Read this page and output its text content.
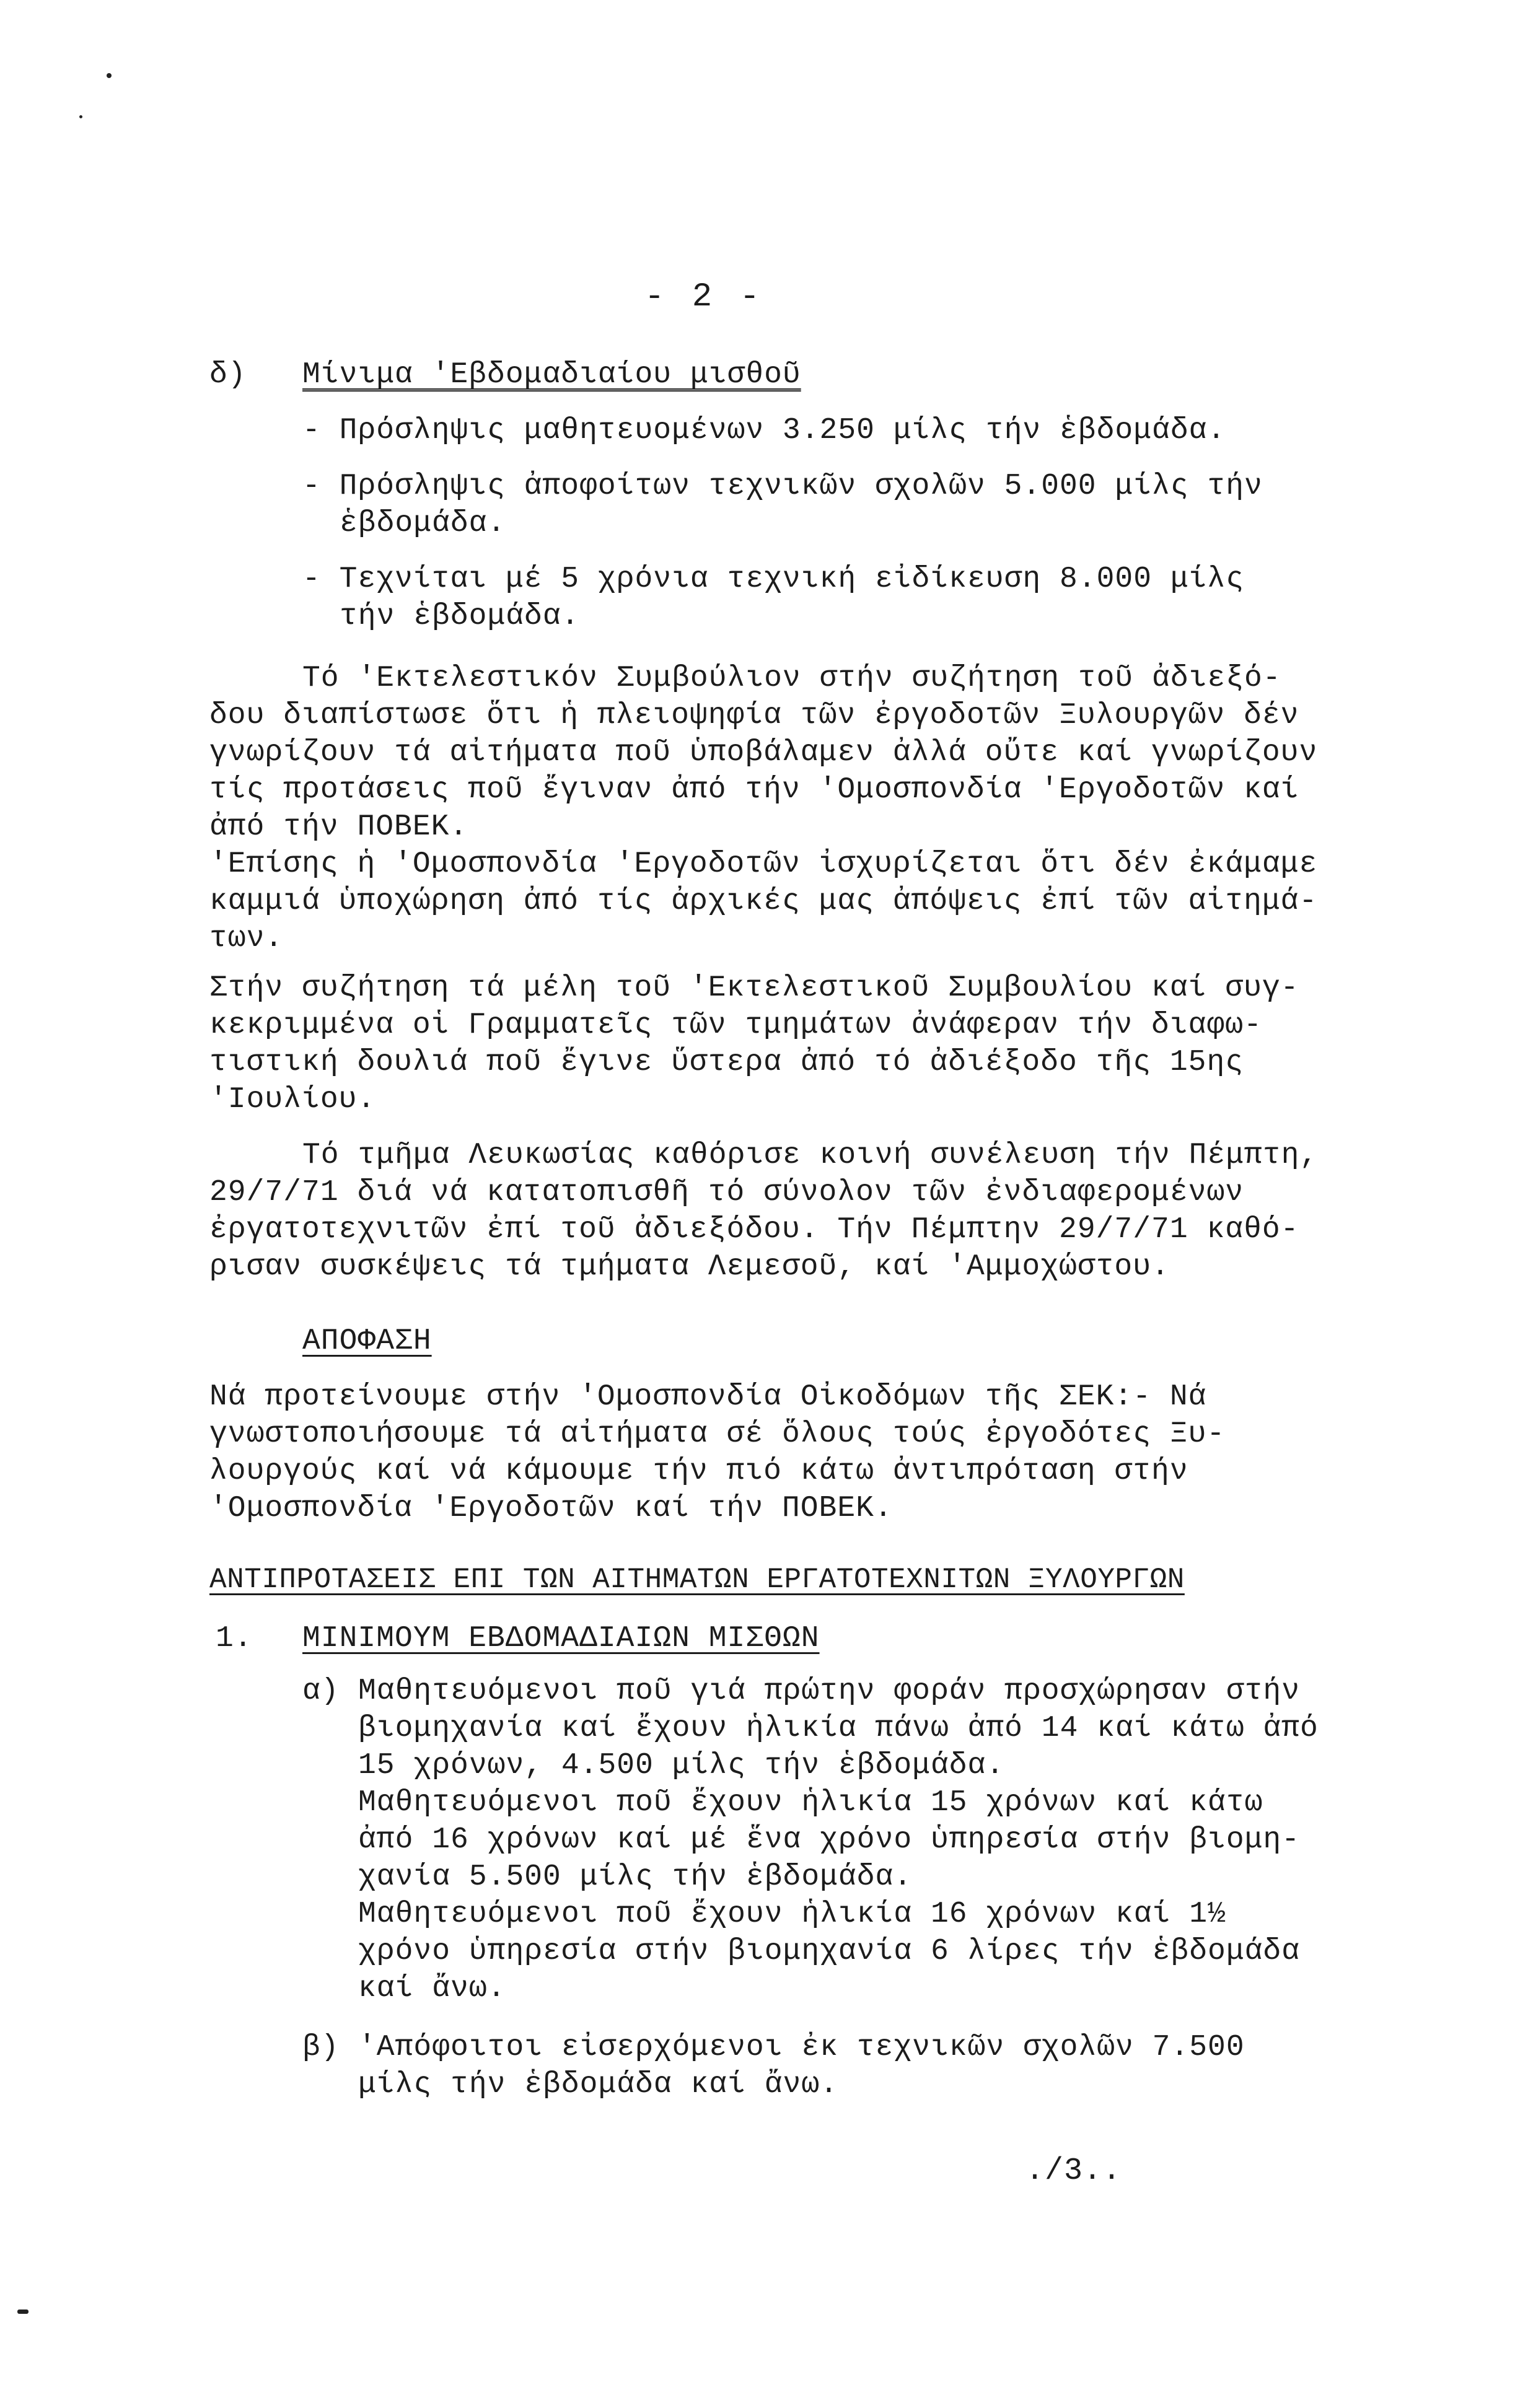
- 2 -
δ) Μίνιμα 'Εβδομαδιαίου μισθοῦ
- Πρόσληψις μαθητευομένων 3.250 μίλς τήν ἑβδομάδα.
- Πρόσληψις ἀποφοίτων τεχνικῶν σχολῶν 5.000 μίλς τήν
ἑβδομάδα.
- Τεχνίται μέ 5 χρόνια τεχνική εἰδίκευση 8.000 μίλς
τήν ἑβδομάδα.
Τό 'Εκτελεστικόν Συμβούλιον στήν συζήτηση τοῦ ἀδιεξό-
δου διαπίστωσε ὅτι ἡ πλειοψηφία τῶν ἐργοδοτῶν Ξυλουργῶν δέν
γνωρίζουν τά αἰτήματα ποῦ ὑποβάλαμεν ἀλλά οὔτε καί γνωρίζουν
τίς προτάσεις ποῦ ἔγιναν ἀπό τήν 'Ομοσπονδία 'Εργοδοτῶν καί
ἀπό τήν ΠΟΒΕΚ.
'Επίσης ἡ 'Ομοσπονδία 'Εργοδοτῶν ἰσχυρίζεται ὅτι δέν ἐκάμαμε
καμμιά ὑποχώρηση ἀπό τίς ἀρχικές μας ἀπόψεις ἐπί τῶν αἰτημά-
των.
Στήν συζήτηση τά μέλη τοῦ 'Εκτελεστικοῦ Συμβουλίου καί συγ-
κεκριμμένα οἱ Γραμματεῖς τῶν τμημάτων ἀνάφεραν τήν διαφω-
τιστική δουλιά ποῦ ἔγινε ὕστερα ἀπό τό ἀδιέξοδο τῆς 15ης
'Ιουλίου.
Τό τμῆμα Λευκωσίας καθόρισε κοινή συνέλευση τήν Πέμπτη,
29/7/71 διά νά κατατοπισθῆ τό σύνολον τῶν ἐνδιαφερομένων
ἐργατοτεχνιτῶν ἐπί τοῦ ἀδιεξόδου. Τήν Πέμπτην 29/7/71 καθό-
ρισαν συσκέψεις τά τμήματα Λεμεσοῦ, καί 'Αμμοχώστου.
ΑΠΟΦΑΣΗ
Νά προτείνουμε στήν 'Ομοσπονδία Οἰκοδόμων τῆς ΣΕΚ:- Νά
γνωστοποιήσουμε τά αἰτήματα σέ ὅλους τούς ἐργοδότες Ξυ-
λουργούς καί νά κάμουμε τήν πιό κάτω ἀντιπρόταση στήν
'Ομοσπονδία 'Εργοδοτῶν καί τήν ΠΟΒΕΚ.
ΑΝΤΙΠΡΟΤΑΣΕΙΣ ΕΠΙ ΤΩΝ ΑΙΤΗΜΑΤΩΝ ΕΡΓΑΤΟΤΕΧΝΙΤΩΝ ΞΥΛΟΥΡΓΩΝ
1. ΜΙΝΙΜΟΥΜ ΕΒΔΟΜΑΔΙΑΙΩΝ ΜΙΣΘΩΝ
α) Μαθητευόμενοι ποῦ γιά πρώτην φοράν προσχώρησαν στήν
βιομηχανία καί ἔχουν ἡλικία πάνω ἀπό 14 καί κάτω ἀπό
15 χρόνων, 4.500 μίλς τήν ἑβδομάδα.
Μαθητευόμενοι ποῦ ἔχουν ἡλικία 15 χρόνων καί κάτω
ἀπό 16 χρόνων καί μέ ἕνα χρόνο ὑπηρεσία στήν βιομη-
χανία 5.500 μίλς τήν ἑβδομάδα.
Μαθητευόμενοι ποῦ ἔχουν ἡλικία 16 χρόνων καί 1½
χρόνο ὑπηρεσία στήν βιομηχανία 6 λίρες τήν ἑβδομάδα
καί ἄνω.
β) 'Απόφοιτοι εἰσερχόμενοι ἐκ τεχνικῶν σχολῶν 7.500
μίλς τήν ἑβδομάδα καί ἄνω.
./3..
